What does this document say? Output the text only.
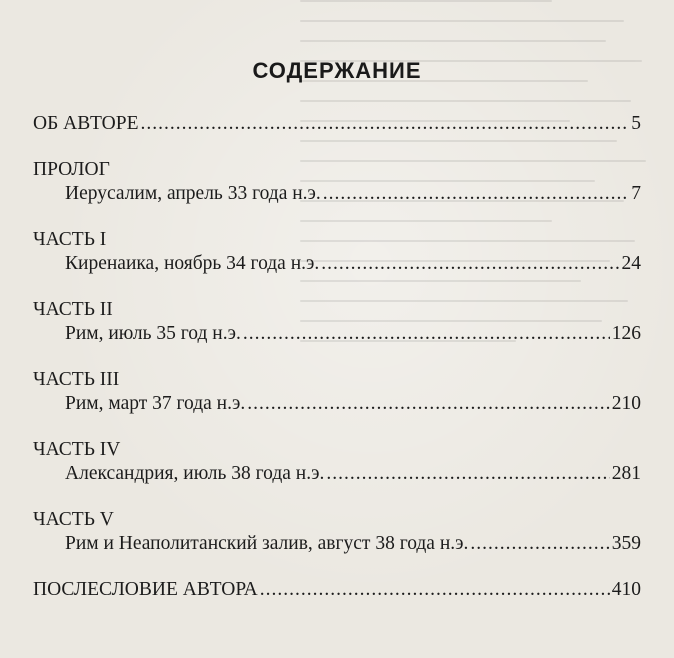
СОДЕРЖАНИЕ
ОБ АВТОРЕ .....	5
ПРОЛОГ
Иерусалим, апрель 33 года н.э. .....	7
ЧАСТЬ I
Киренаика, ноябрь 34 года н.э. .....	24
ЧАСТЬ II
Рим, июль 35 год н.э. .....	126
ЧАСТЬ III
Рим, март 37 года н.э. .....	210
ЧАСТЬ IV
Александрия, июль 38 года н.э. .....	281
ЧАСТЬ V
Рим и Неаполитанский залив, август 38 года н.э. .....	359
ПОСЛЕСЛОВИЕ АВТОРА .....	410
